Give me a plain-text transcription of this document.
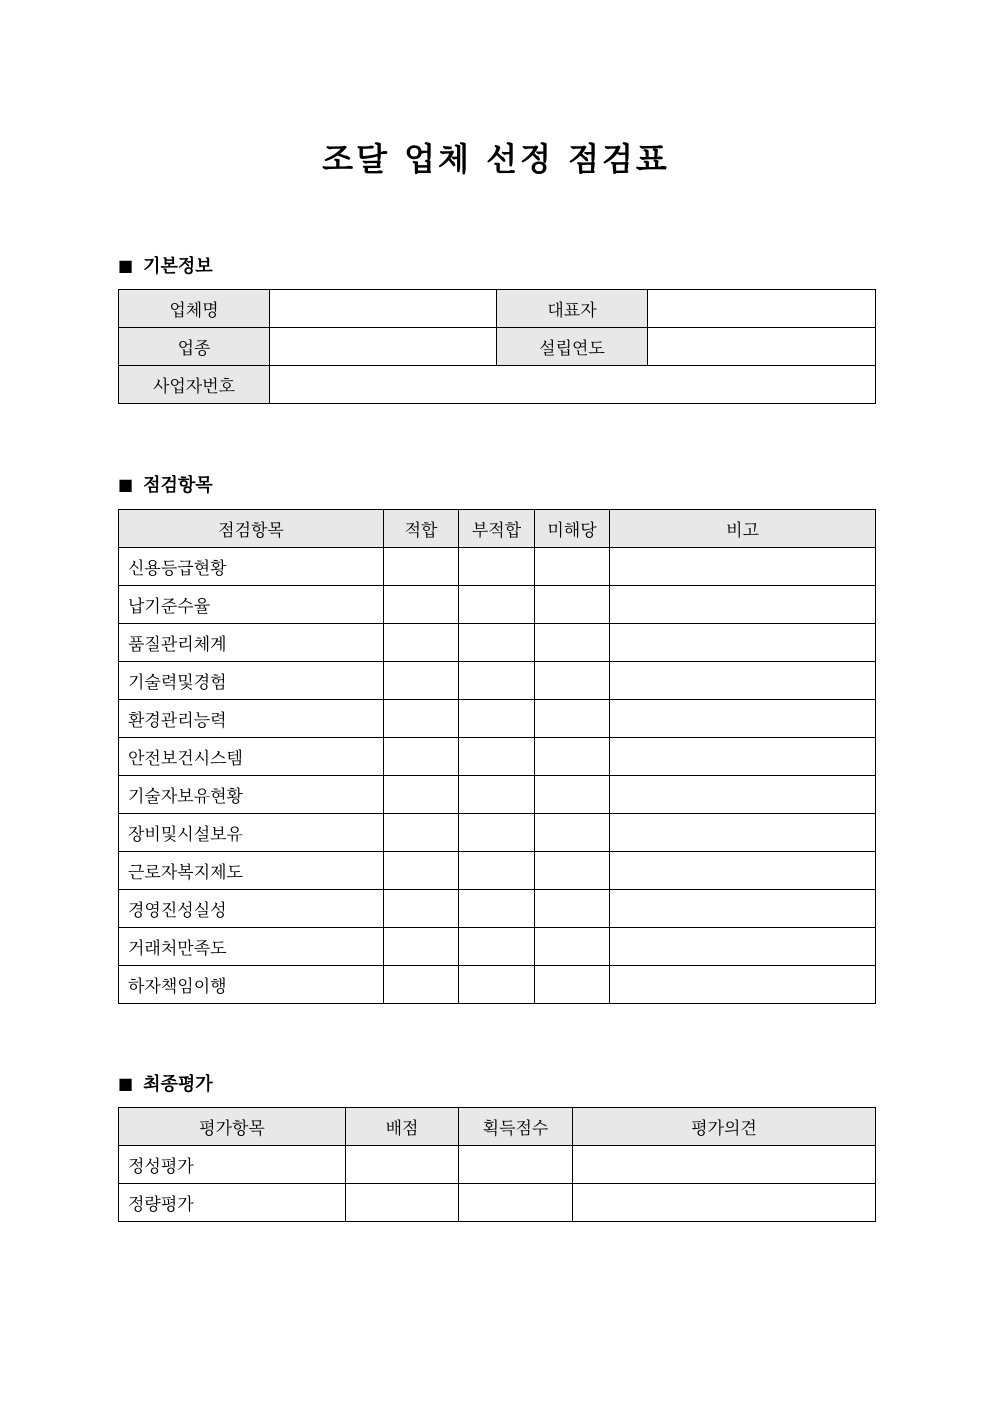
조달 업체 선정 점검표
■ 기본정보
업체명		대표자	
업종		설립연도	
사업자번호			
■ 점검항목
점검항목	적합	부적합	미해당	비고
신용등급현황				
납기준수율				
품질관리체계				
기술력및경험				
환경관리능력				
안전보건시스템				
기술자보유현황				
장비및시설보유				
근로자복지제도				
경영진성실성				
거래처만족도				
하자책임이행				
■ 최종평가
평가항목	배점	획득점수	평가의견
정성평가			
정량평가			
